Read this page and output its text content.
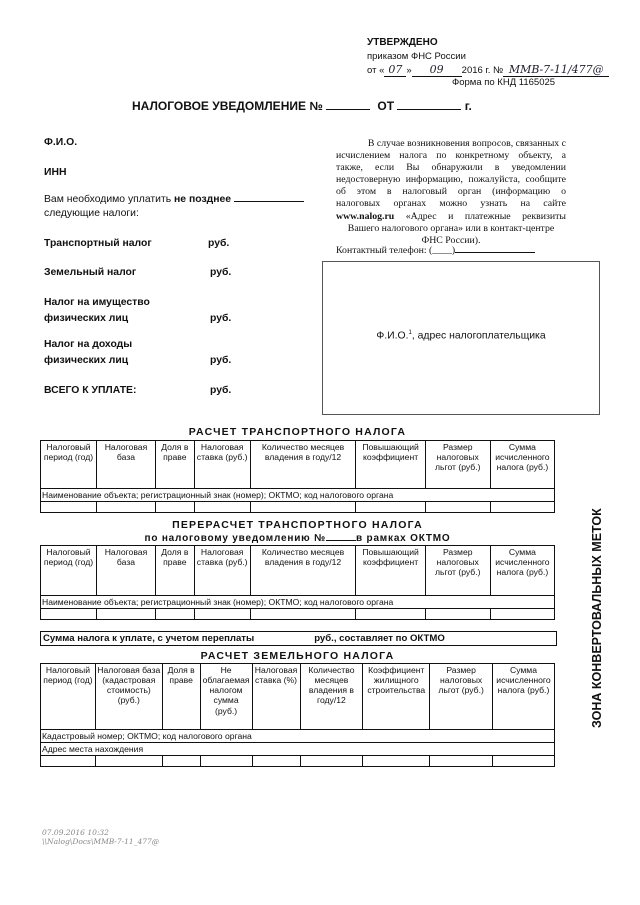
УТВЕРЖДЕНО
приказом ФНС России
от « 07 » 09 2016 г. № ММВ-7-11/477@
Форма по КНД 1165025
НАЛОГОВОЕ УВЕДОМЛЕНИЕ №	ОТ	г.
Ф.И.О.
ИНН
Вам необходимо уплатить не позднее
следующие налоги:
Транспортный налог	руб.
Земельный налог	руб.
Налог на имущество
физических лиц	руб.
Налог на доходы
физических лиц	руб.
ВСЕГО К УПЛАТЕ:	руб.
В случае возникновения вопросов, связанных с
исчислением налога по конкретному объекту, а
также, если Вы обнаружили в уведомлении
недостоверную информацию, пожалуйста, сообщите
об этом в налоговый орган (информацию о
налоговых органах можно узнать на сайте
www.nalog.ru «Адрес и платежные реквизиты
Вашего налогового органа» или в контакт-центре
ФНС России).
Контактный телефон: (____)
Ф.И.О.$^1$, адрес налогоплательщика
РАСЧЕТ ТРАНСПОРТНОГО НАЛОГА
Налоговый период (год)	Налоговая база	Доля в праве	Налоговая ставка (руб.)	Количество месяцев владения в году/12	Повышающий коэффициент	Размер налоговых льгот (руб.)	Сумма исчисленного налога (руб.)
Наименование объекта; регистрационный знак (номер); ОКТМО; код налогового органа							

ПЕРЕРАСЧЕТ ТРАНСПОРТНОГО НАЛОГА
по налоговому уведомлению №	в рамках ОКТМО
Налоговый период (год)	Налоговая база	Доля в праве	Налоговая ставка (руб.)	Количество месяцев владения в году/12	Повышающий коэффициент	Размер налоговых льгот (руб.)	Сумма исчисленного налога (руб.)
Наименование объекта; регистрационный знак (номер); ОКТМО; код налогового органа							

Сумма налога к уплате, с учетом переплаты	руб., составляет по ОКТМО
РАСЧЕТ ЗЕМЕЛЬНОГО НАЛОГА
Налоговый период (год)	Налоговая база (кадастровая стоимость) (руб.)	Доля в праве	Не облагаемая налогом сумма (руб.)	Налоговая ставка (%)	Количество месяцев владения в году/12	Коэффициент жилищного строительства	Размер налоговых льгот (руб.)	Сумма исчисленного налога (руб.)
Кадастровый номер; ОКТМО; код налогового органа								
Адрес места нахождения								

ЗОНА КОНВЕРТОВАЛЬНЫХ МЕТОК
07.09.2016 10:32
\\Nalog\Docs\ММВ-7-11_477@
